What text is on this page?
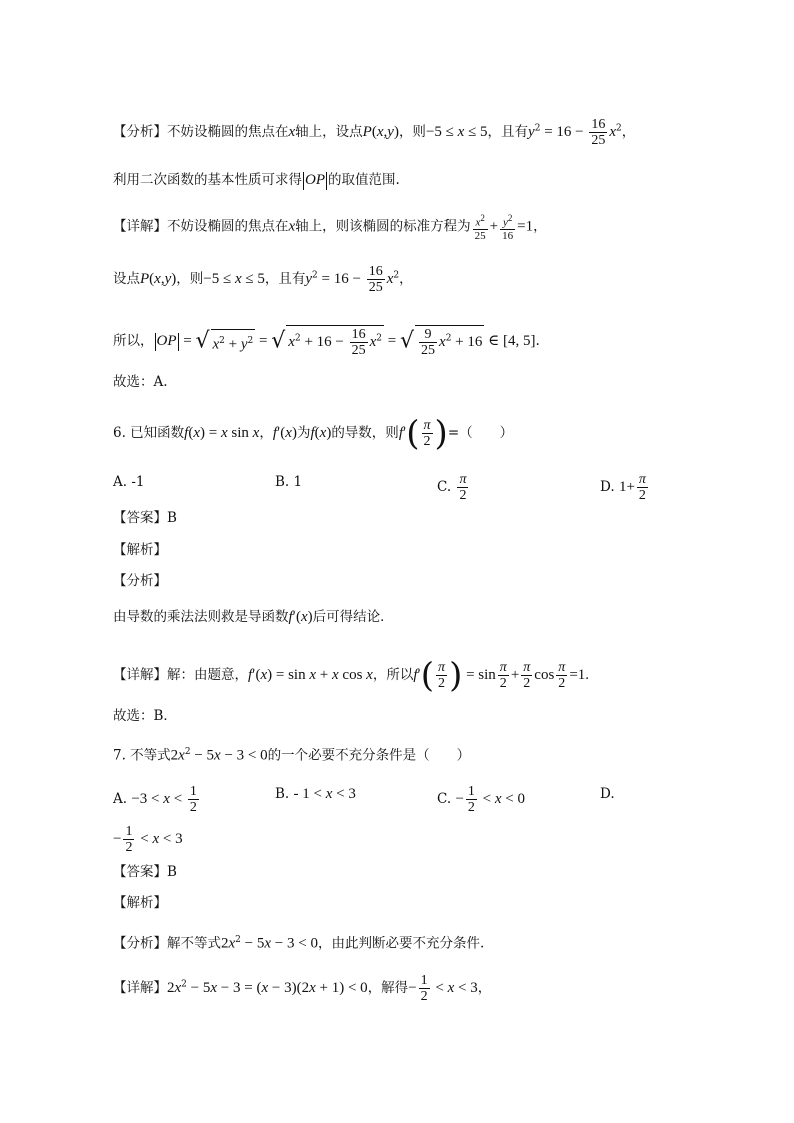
【分析】不妨设椭圆的焦点在x轴上，设点P(x,y)，则−5 ≤ x ≤ 5，且有$y^2 = 16 - \frac{16}{25} x^2$，
利用二次函数的基本性质可求得 OP 的取值范围.
【详解】不妨设椭圆的焦点在x轴上，则该椭圆的标准方程为 $\frac{x^2}{25} + \frac{y^2}{16} =1$，
设点P(x,y)，则−5 ≤ x ≤ 5，且有$y^2 = 16 - \frac{16}{25} x^2$，
所以， OP = √ $x^2 + y^2$ = √ $x^2 + 16 - \frac{16}{25} x^2$ = √ $\frac{9}{25} x^2 + 16$ ∈ [4, 5].
故选：A.
6. 已知函数f(x) = x sin x，f′(x)为f(x)的导数，则$f'( \frac{\pi}{2}$ )=（　　）
A. -1	B. 1	C. $\frac{\pi}{2}$	D. $1+ \frac{\pi}{2}$
【答案】B
【解析】
【分析】
由导数的乘法法则救是导函数f′(x)后可得结论．
【详解】解：由题意，f′(x) = sin x + x cos x，所以$f'( \frac{\pi}{2}$ ) = $\sin \frac{\pi}{2} + \frac{\pi}{2}$ $\cos \frac{\pi}{2} =1$.
故选：B．
7. 不等式$2x^2 - 5x - 3 < 0$的一个必要不充分条件是（　　）
A. $-3 < x < \frac{1}{2}$	B. - 1 < x < 3	C. − $\frac{1}{2} < x < 0$	D.
− $\frac{1}{2} < x < 3$
【答案】B
【解析】
【分析】解不等式$2x^2 - 5x - 3 < 0$，由此判断必要不充分条件.
【详解】$2x^2 - 5x - 3 = (x - 3)(2x + 1) < 0$，解得− $\frac{1}{2} < x < 3$，
